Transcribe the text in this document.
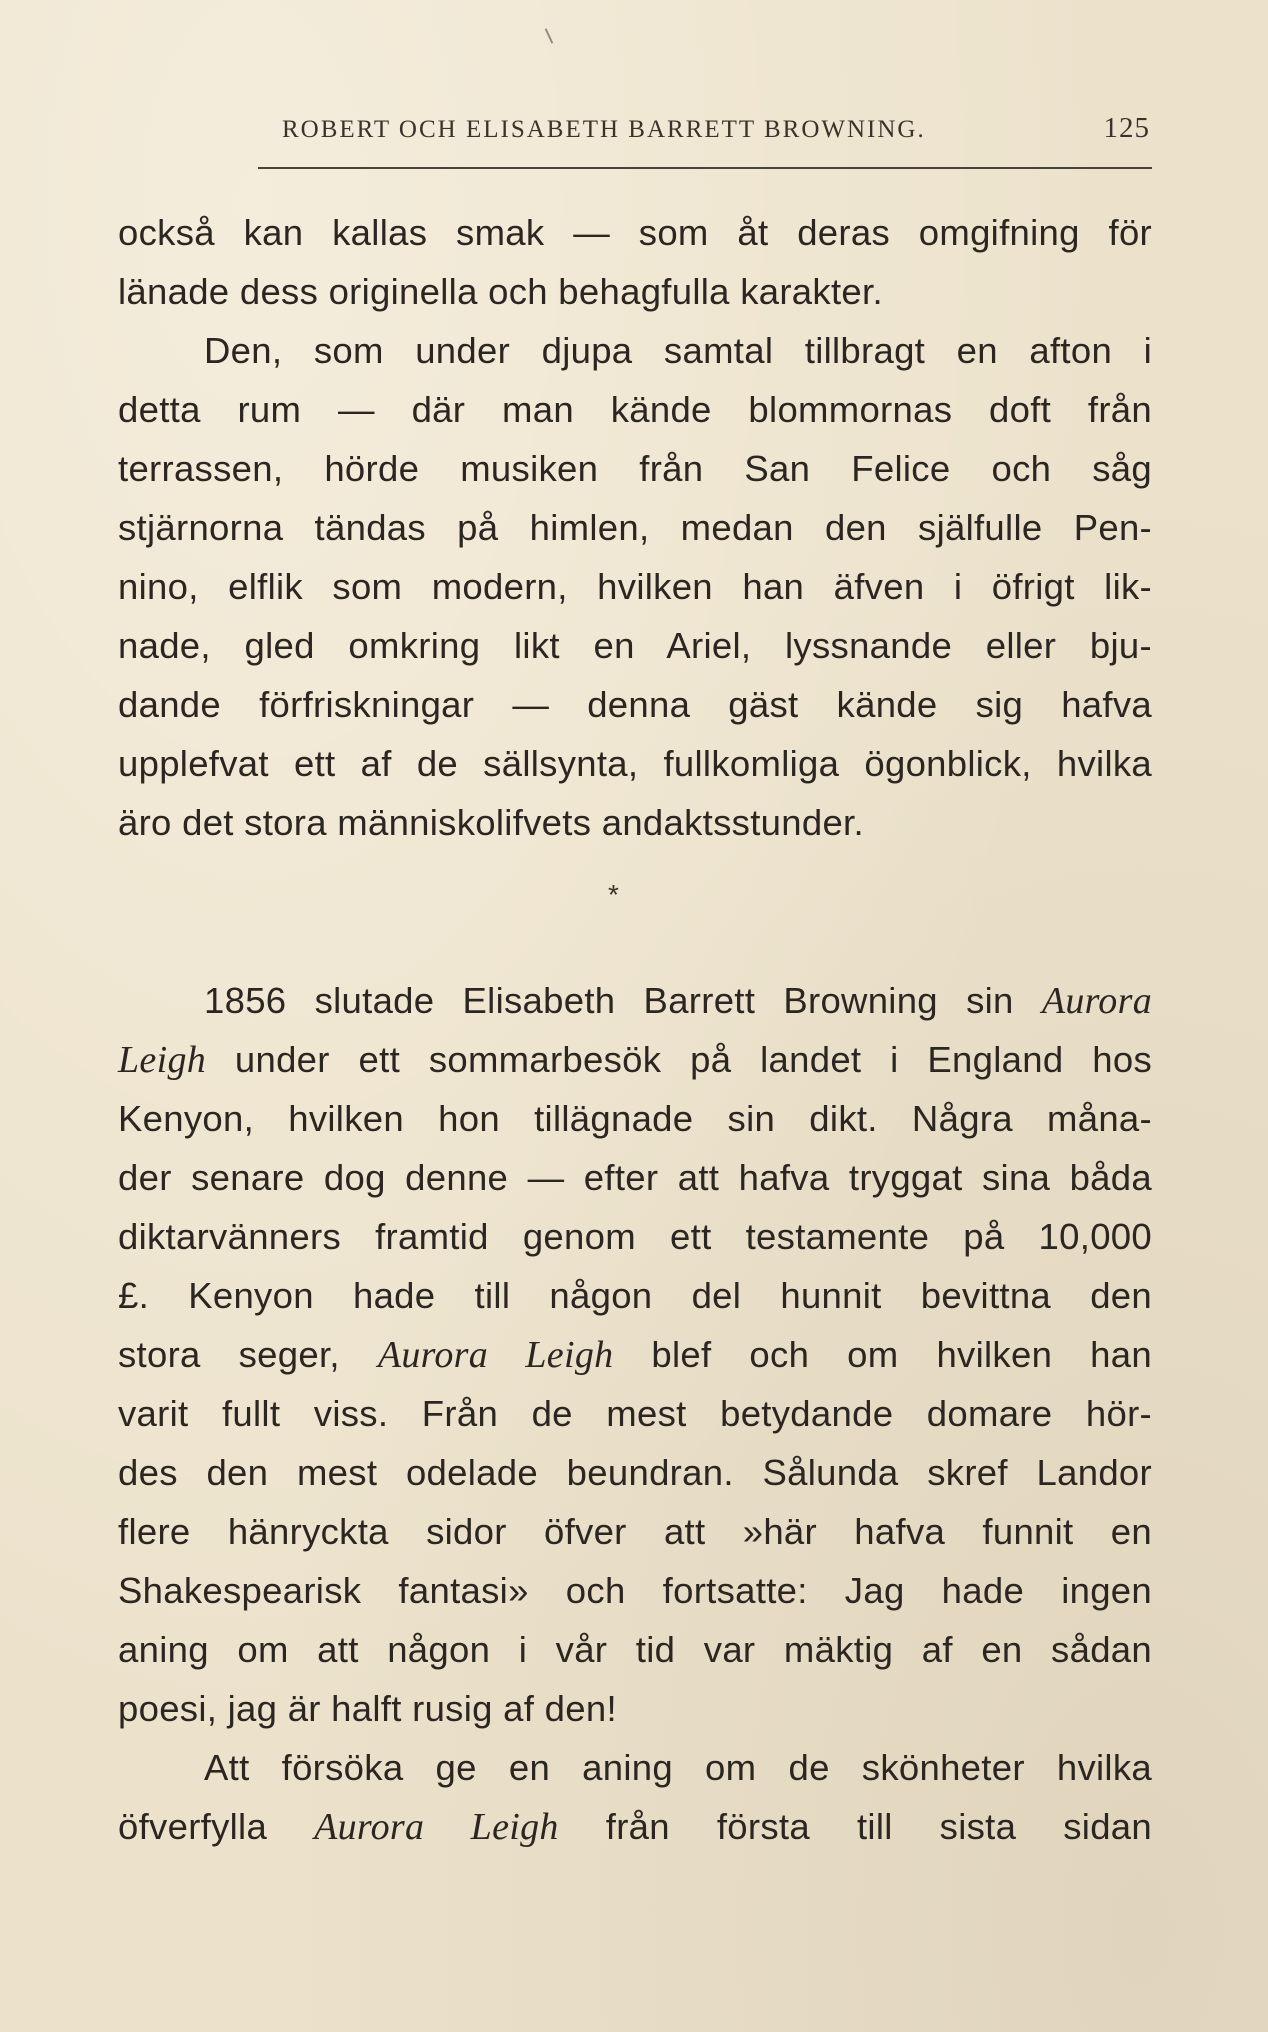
ROBERT OCH ELISABETH BARRETT BROWNING.	125
också kan kallas smak — som åt deras omgifning för
länade dess originella och behagfulla karakter.
Den, som under djupa samtal tillbragt en afton i
detta rum — där man kände blommornas doft från
terrassen, hörde musiken från San Felice och såg
stjärnorna tändas på himlen, medan den själfulle Pen-
nino, elflik som modern, hvilken han äfven i öfrigt lik-
nade, gled omkring likt en Ariel, lyssnande eller bju-
dande förfriskningar — denna gäst kände sig hafva
upplefvat ett af de sällsynta, fullkomliga ögonblick, hvilka
äro det stora människolifvets andaktsstunder.
*
1856 slutade Elisabeth Barrett Browning sin Aurora
Leigh under ett sommarbesök på landet i England hos
Kenyon, hvilken hon tillägnade sin dikt. Några måna-
der senare dog denne — efter att hafva tryggat sina båda
diktarvänners framtid genom ett testamente på 10,000
£. Kenyon hade till någon del hunnit bevittna den
stora seger, Aurora Leigh blef och om hvilken han
varit fullt viss. Från de mest betydande domare hör-
des den mest odelade beundran. Sålunda skref Landor
flere hänryckta sidor öfver att »här hafva funnit en
Shakespearisk fantasi» och fortsatte: Jag hade ingen
aning om att någon i vår tid var mäktig af en sådan
poesi, jag är halft rusig af den!
Att försöka ge en aning om de skönheter hvilka
öfverfylla Aurora Leigh från första till sista sidan
